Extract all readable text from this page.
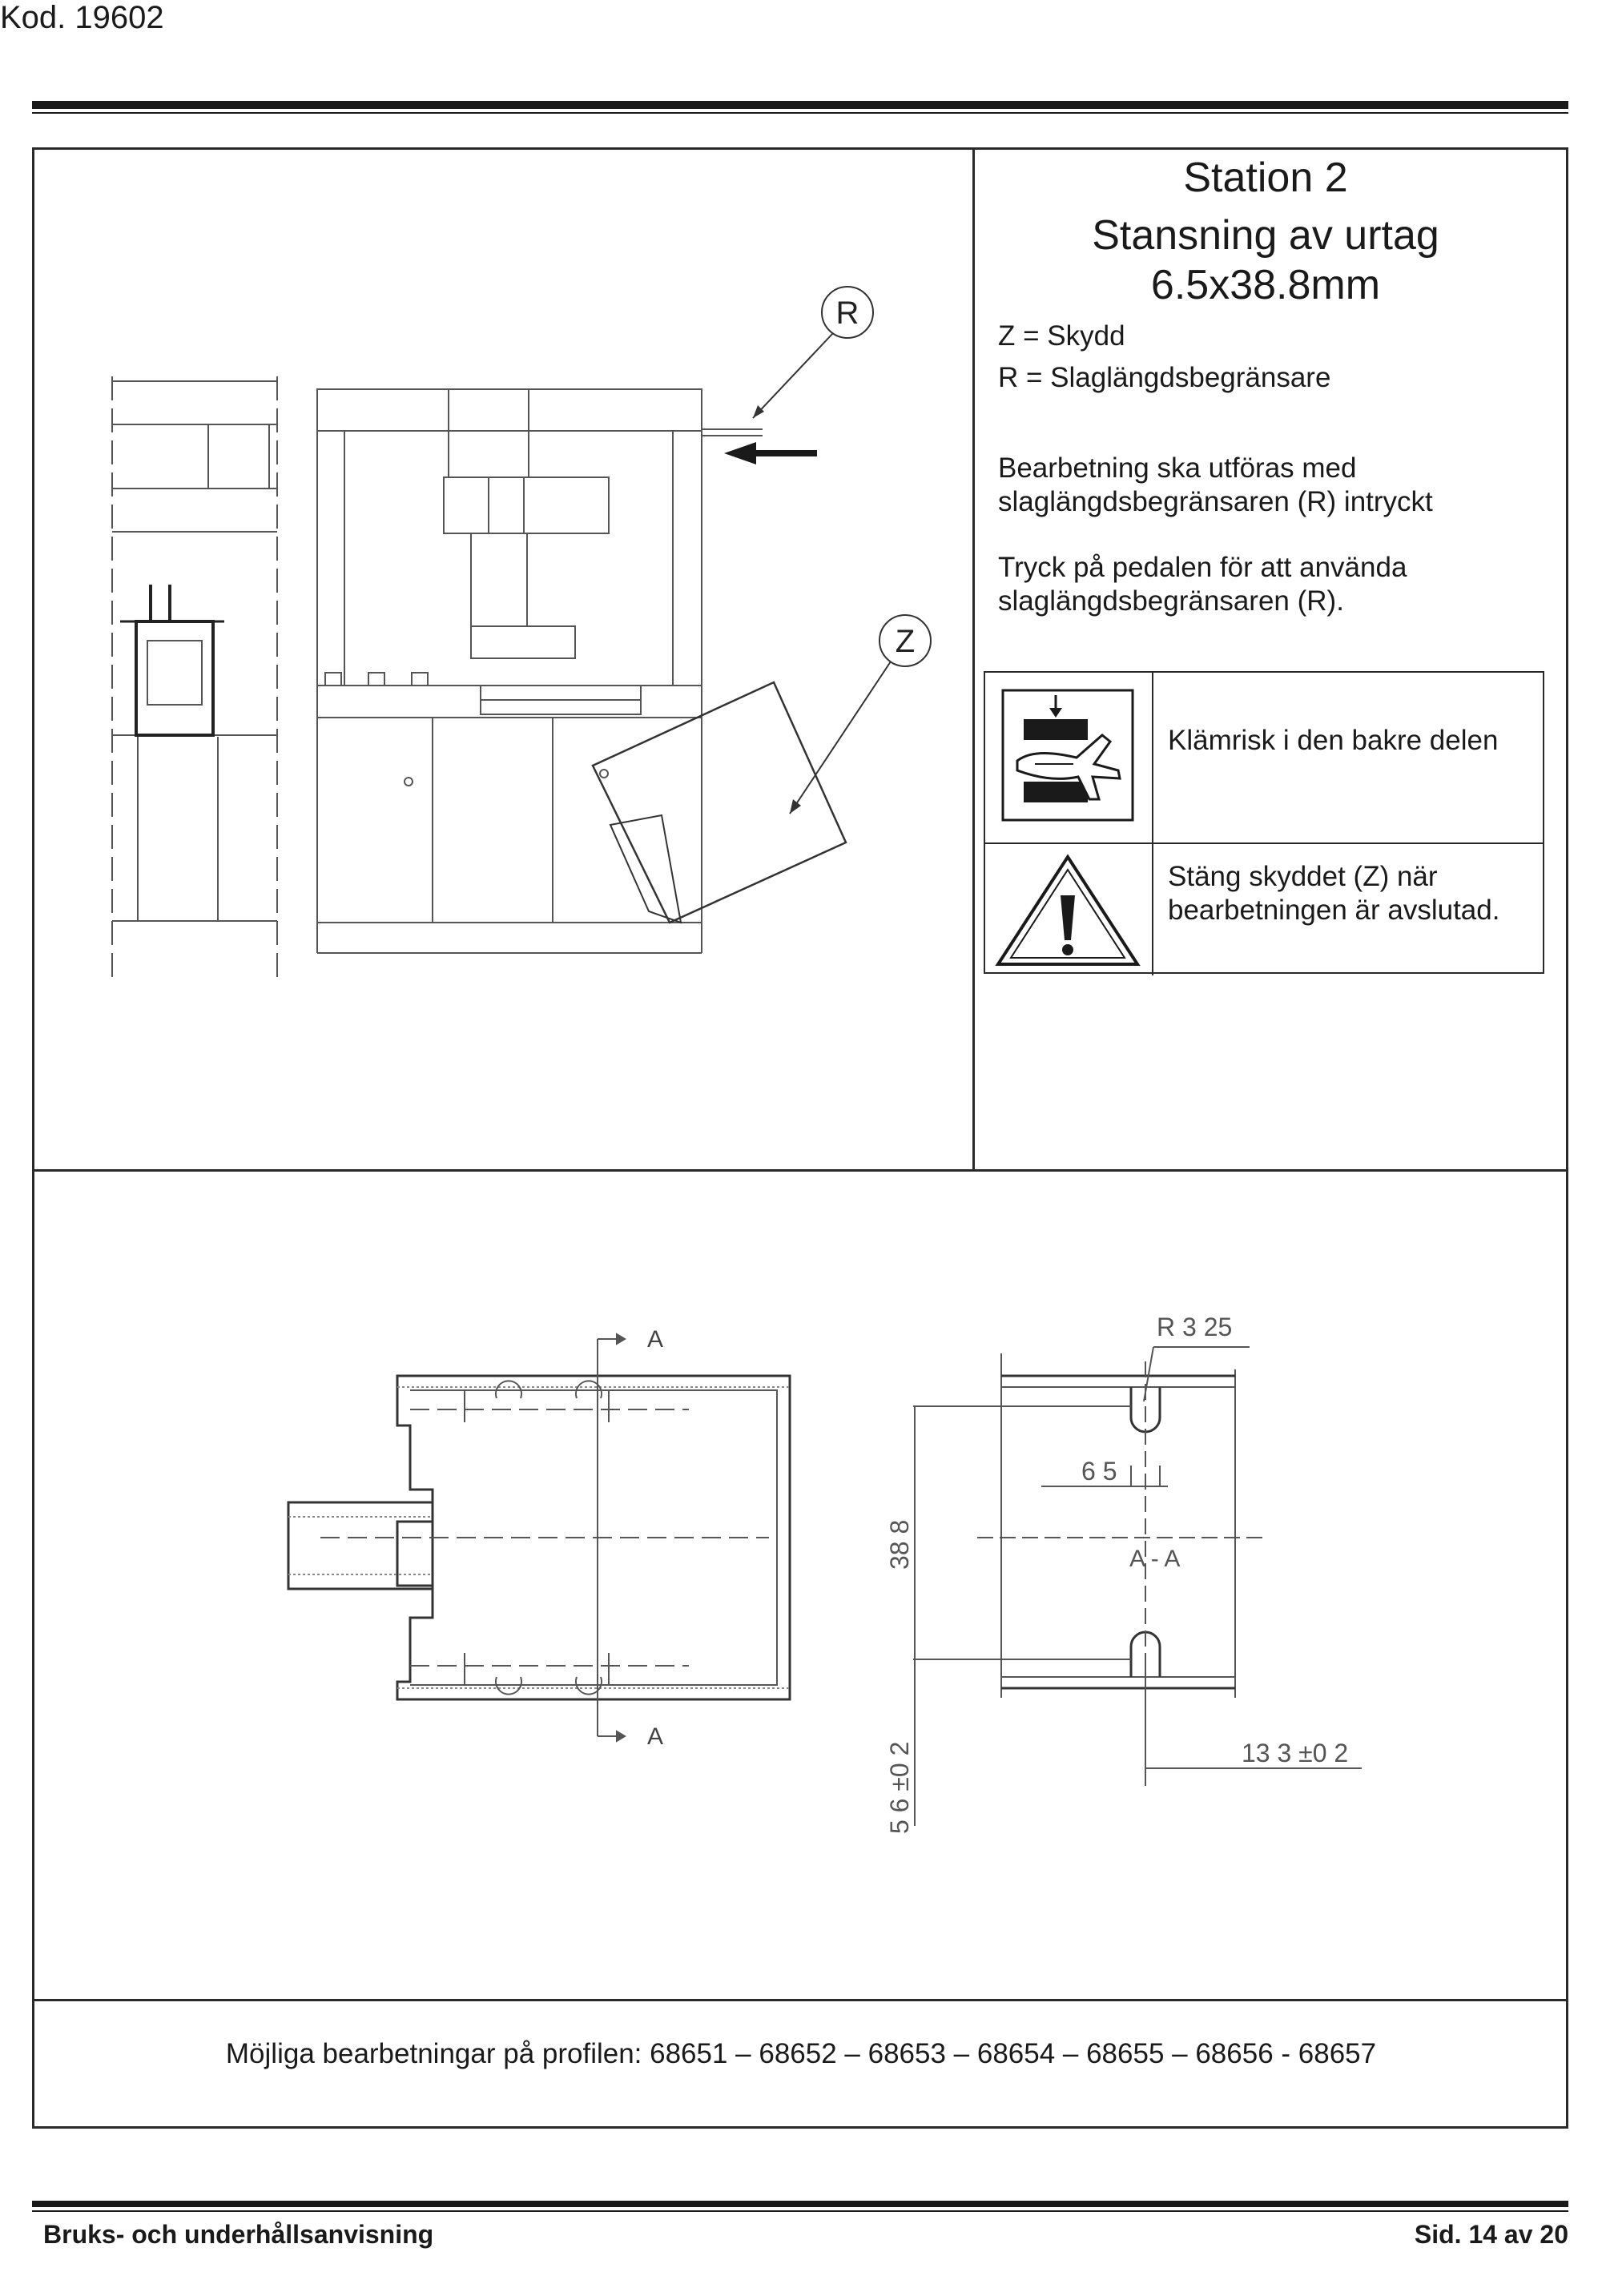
Kod. 19602
Station 2
Stansning av urtag
6.5x38.8mm
Z = Skydd
R = Slaglängdsbegränsare
Bearbetning ska utföras med slaglängdsbegränsaren (R) intryckt
Tryck på pedalen för att använda slaglängdsbegränsaren (R).
Klämrisk i den bakre delen
Stäng skyddet (Z) när bearbetningen är avslutad.
R
Z
A
A
R 3 25
6 5
A - A
38 8
5 6 ±0 2	13 3 ±0 2
Möjliga bearbetningar på profilen: 68651 – 68652 – 68653 – 68654 – 68655 – 68656 - 68657
Bruks- och underhållsanvisning	Sid. 14 av 20
